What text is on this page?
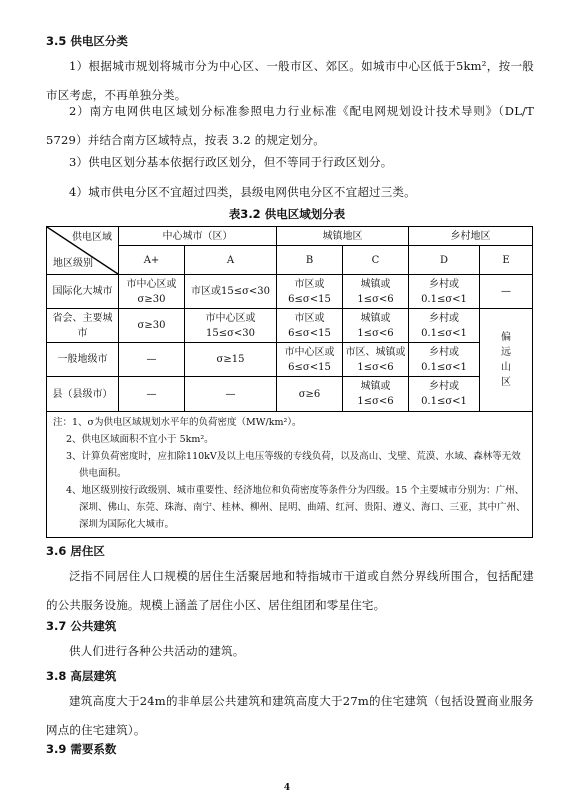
3.5 供电区分类
1）根据城市规划将城市分为中心区、一般市区、郊区。如城市中心区低于5km²，按一般市区考虑，不再单独分类。
2）南方电网供电区域划分标准参照电力行业标准《配电网规划设计技术导则》（DL/T 5729）并结合南方区域特点，按表 3.2 的规定划分。
3）供电区划分基本依据行政区划分，但不等同于行政区划分。
4）城市供电分区不宜超过四类，县级电网供电分区不宜超过三类。
表3.2 供电区域划分表
供电区域
地区级别	中心城市（区）		城镇地区		乡村地区	
	A+	A	B	C	D	E
国际化大城市	市中心区或σ≥30	市区或15≤σ<30	市区或6≤σ<15	城镇或1≤σ<6	乡村或0.1≤σ<1	—
省会、主要城市	σ≥30	市中心区或15≤σ<30	市区或6≤σ<15	城镇或1≤σ<6	乡村或0.1≤σ<1	偏远山区
一般地级市	—	σ≥15	市中心区或6≤σ<15	市区、城镇或1≤σ<6	乡村或0.1≤σ<1	
县（县级市）	—	—	σ≥6	城镇或1≤σ<6	乡村或0.1≤σ<1	

注：1、σ为供电区域规划水平年的负荷密度（MW/km²）。
2、供电区域面积不宜小于 5km²。
3、计算负荷密度时，应扣除110kV及以上电压等级的专线负荷，以及高山、戈壁、荒漠、水域、森林等无效供电面积。
4、地区级别按行政级别、城市重要性、经济地位和负荷密度等条件分为四级。15 个主要城市分别为：广州、深圳、佛山、东莞、珠海、南宁、桂林、柳州、昆明、曲靖、红河、贵阳、遵义、海口、三亚，其中广州、深圳为国际化大城市。						
3.6 居住区
泛指不同居住人口规模的居住生活聚居地和特指城市干道或自然分界线所围合，包括配建的公共服务设施。规模上涵盖了居住小区、居住组团和零星住宅。
3.7 公共建筑
供人们进行各种公共活动的建筑。
3.8 高层建筑
建筑高度大于24m的非单层公共建筑和建筑高度大于27m的住宅建筑（包括设置商业服务网点的住宅建筑）。
3.9 需要系数
4
